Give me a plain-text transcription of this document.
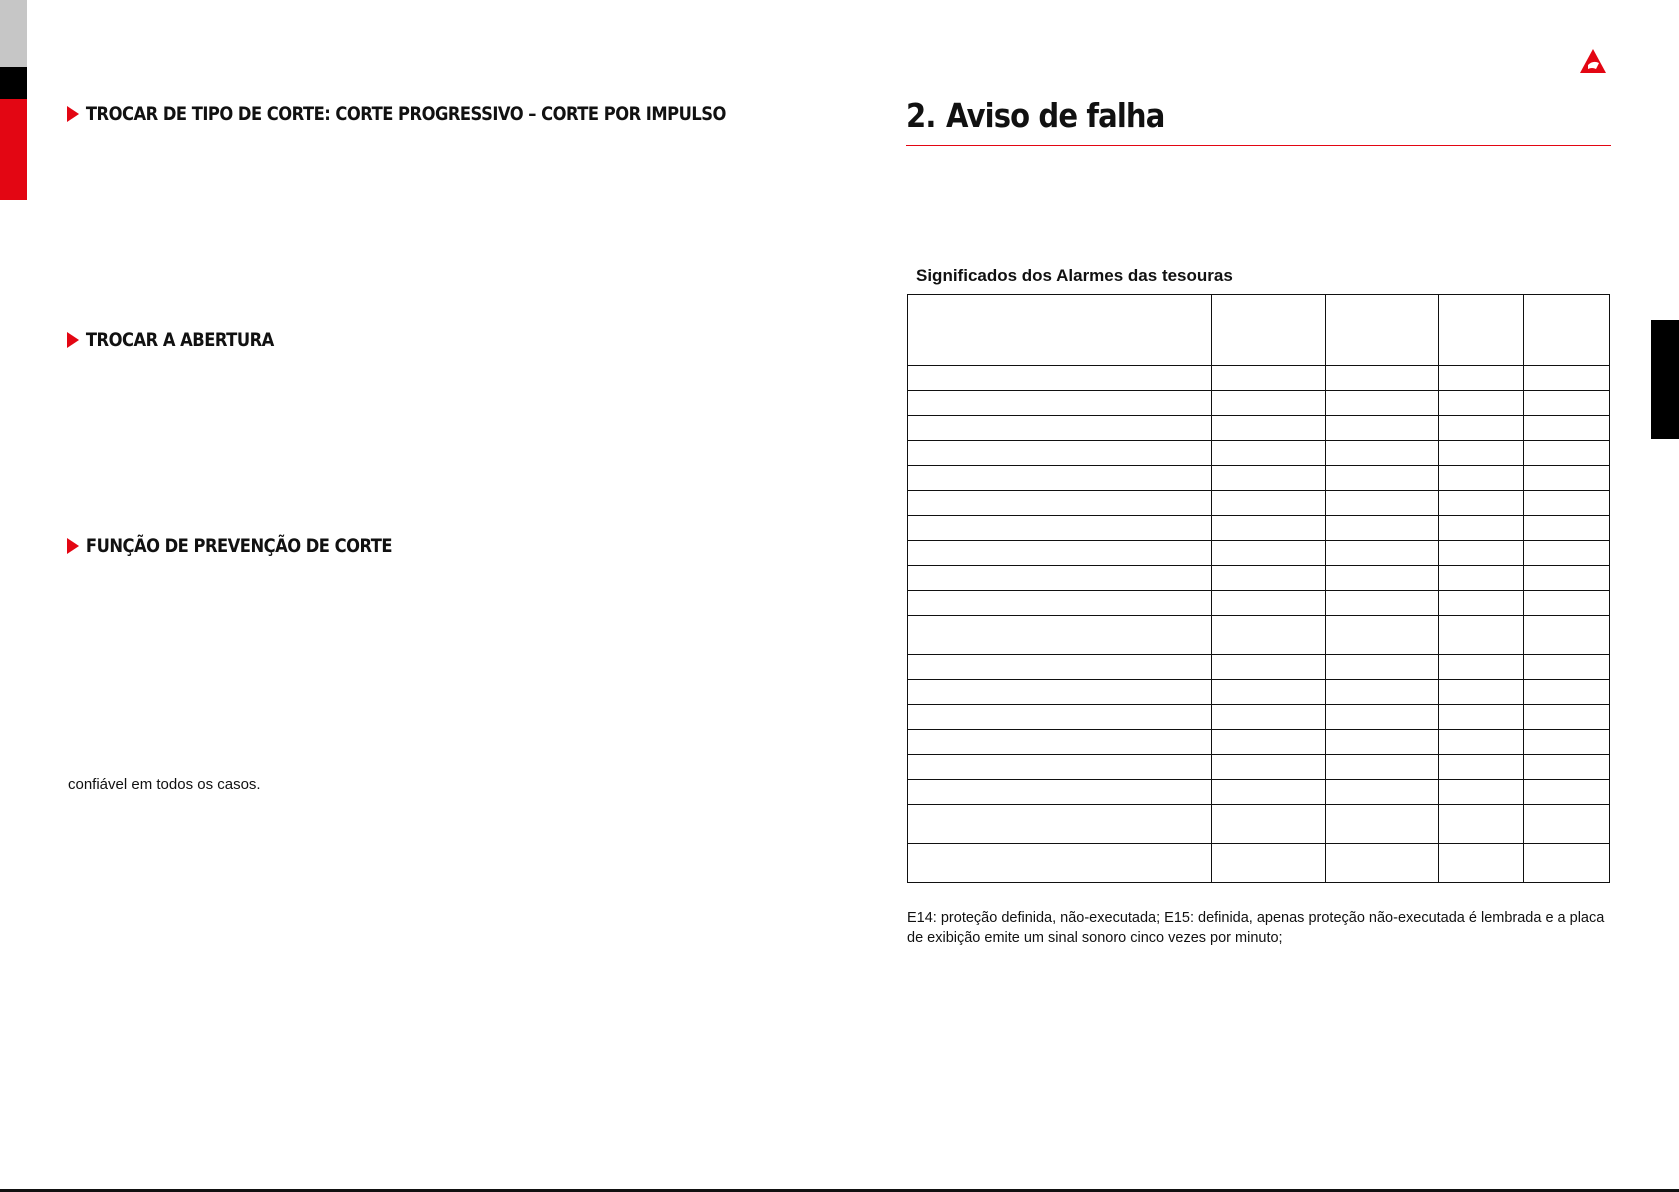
TROCAR DE TIPO DE CORTE: CORTE PROGRESSIVO – CORTE POR IMPULSO
TROCAR A ABERTURA
FUNÇÃO DE PREVENÇÃO DE CORTE

confiável em todos os casos.

2. Aviso de falha
Significados dos Alarmes das tesouras

E14: proteção definida, não-executada; E15: definida, apenas proteção não-executada é lembrada e a placa de exibição emite um sinal sonoro cinco vezes por minuto;
